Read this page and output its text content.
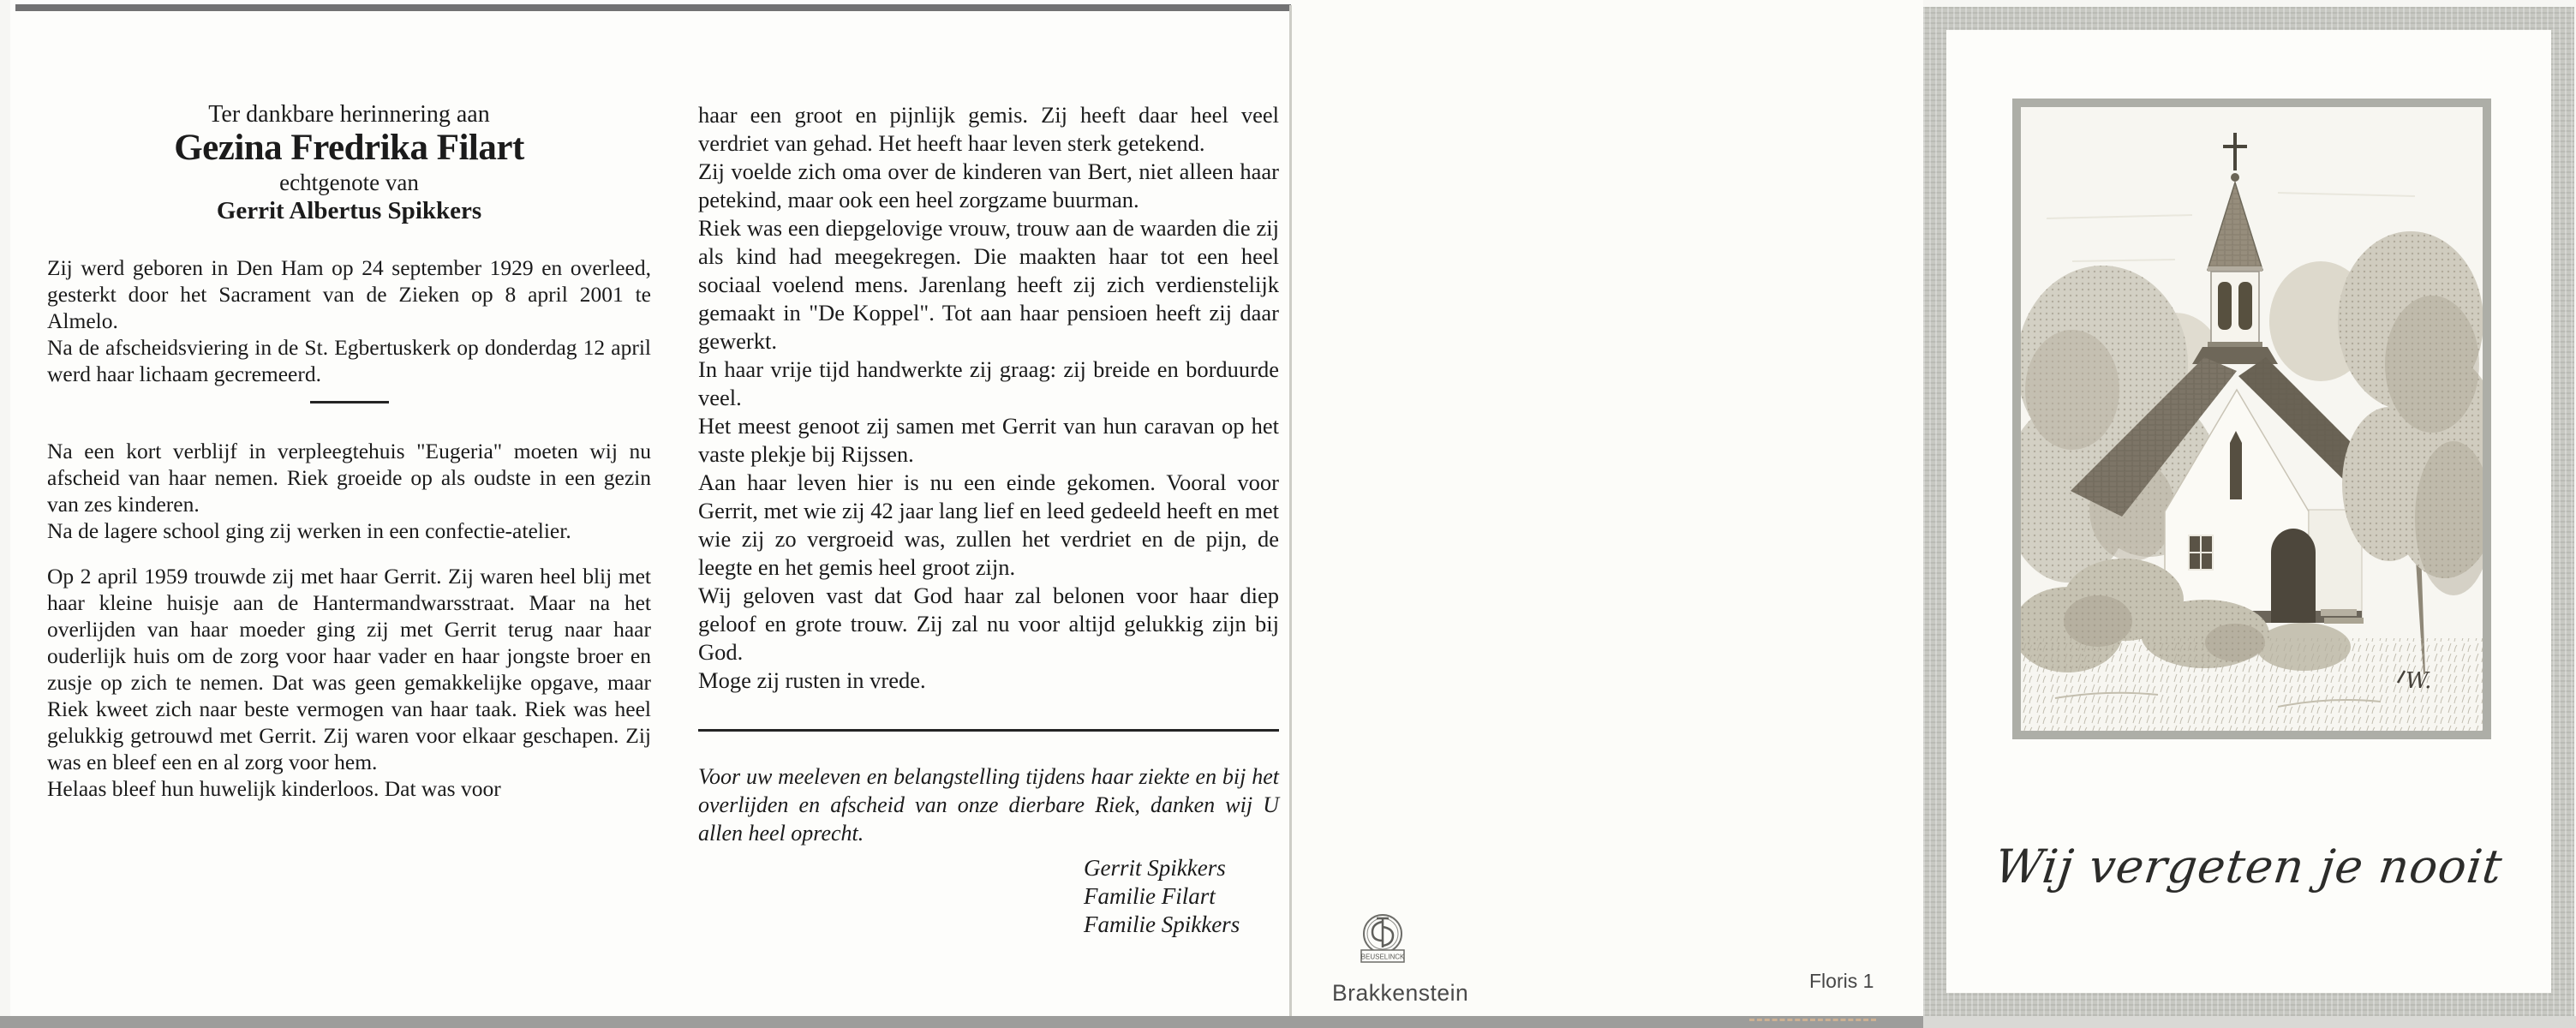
Ter dankbare herinnering aan

Gezina Fredrika Filart

echtgenote van

Gerrit Albertus Spikkers

Zij werd geboren in Den Ham op 24 september 1929 en overleed, gesterkt door het Sacrament van de Zieken op 8 april 2001 te Almelo.

Na de afscheidsviering in de St. Egbertuskerk op donderdag 12 april werd haar lichaam gecremeerd.

Na een kort verblijf in verpleegtehuis "Eugeria" moeten wij nu afscheid van haar nemen. Riek groeide op als oudste in een gezin van zes kinderen.

Na de lagere school ging zij werken in een confectie-atelier.

Op 2 april 1959 trouwde zij met haar Gerrit. Zij waren heel blij met haar kleine huisje aan de Hantermandwarsstraat. Maar na het overlijden van haar moeder ging zij met Gerrit terug naar haar ouderlijk huis om de zorg voor haar vader en haar jongste broer en zusje op zich te nemen. Dat was geen gemakkelijke opgave, maar Riek kweet zich naar beste vermogen van haar taak. Riek was heel gelukkig getrouwd met Gerrit. Zij waren voor elkaar geschapen. Zij was en bleef een en al zorg voor hem.

Helaas bleef hun huwelijk kinderloos. Dat was voor

haar een groot en pijnlijk gemis. Zij heeft daar heel veel verdriet van gehad. Het heeft haar leven sterk getekend.

Zij voelde zich oma over de kinderen van Bert, niet alleen haar petekind, maar ook een heel zorgzame buurman.

Riek was een diepgelovige vrouw, trouw aan de waarden die zij als kind had meegekregen. Die maakten haar tot een heel sociaal voelend mens. Jarenlang heeft zij zich verdienstelijk gemaakt in "De Koppel". Tot aan haar pensioen heeft zij daar gewerkt.

In haar vrije tijd handwerkte zij graag: zij breide en borduurde veel.

Het meest genoot zij samen met Gerrit van hun caravan op het vaste plekje bij Rijssen.

Aan haar leven hier is nu een einde gekomen. Vooral voor Gerrit, met wie zij 42 jaar lang lief en leed gedeeld heeft en met wie zij zo vergroeid was, zullen het verdriet en de pijn, de leegte en het gemis heel groot zijn.

Wij geloven vast dat God haar zal belonen voor haar diep geloof en grote trouw. Zij zal nu voor altijd gelukkig zijn bij God.

Moge zij rusten in vrede.

Voor uw meeleven en belangstelling tijdens haar ziekte en bij het overlijden en afscheid van onze dierbare Riek, danken wij U allen heel oprecht.

Gerrit Spikkers
Familie Filart
Familie Spikkers
BEUSELINCK
Brakkenstein	Floris 1
W.
Wij vergeten je nooit
